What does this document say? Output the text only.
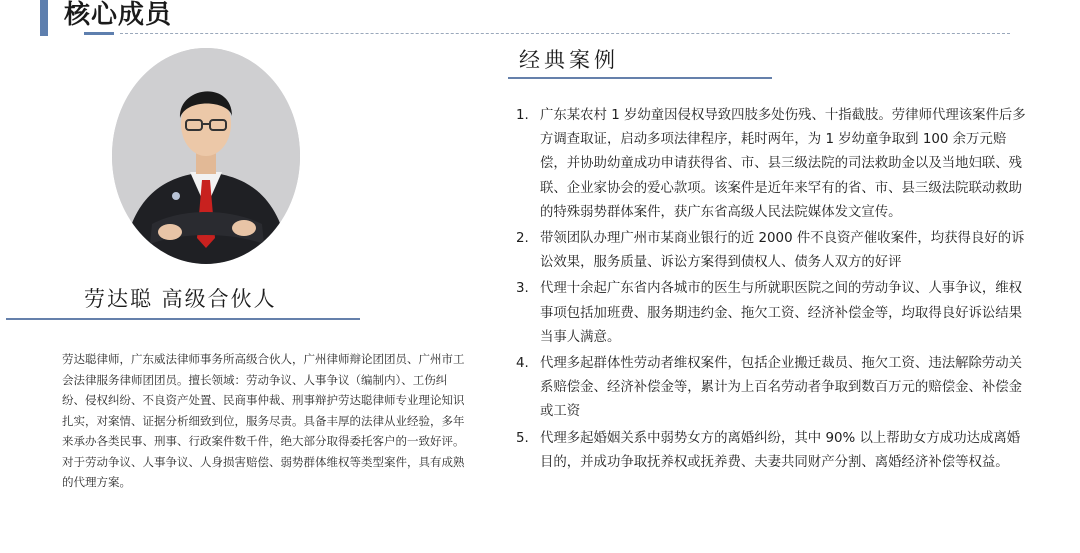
核心成员
劳达聪 高级合伙人

劳达聪律师，广东威法律师事务所高级合伙人，广州律师辩论团团员、广州市工会法律服务律师团团员。擅长领域：劳动争议、人事争议（编制内）、工伤纠纷、侵权纠纷、不良资产处置、民商事仲裁、刑事辩护劳达聪律师专业理论知识扎实，对案情、证据分析细致到位，服务尽责。具备丰厚的法律从业经验，多年来承办各类民事、刑事、行政案件数千件，绝大部分取得委托客户的一致好评。对于劳动争议、人事争议、人身损害赔偿、弱势群体维权等类型案件，具有成熟的代理方案。

经典案例
1. 广东某农村 1 岁幼童因侵权导致四肢多处伤残、十指截肢。劳律师代理该案件后多方调查取证，启动多项法律程序，耗时两年，为 1 岁幼童争取到 100 余万元赔偿，并协助幼童成功申请获得省、市、县三级法院的司法救助金以及当地妇联、残联、企业家协会的爱心款项。该案件是近年来罕有的省、市、县三级法院联动救助的特殊弱势群体案件，获广东省高级人民法院媒体发文宣传。
2. 带领团队办理广州市某商业银行的近 2000 件不良资产催收案件，均获得良好的诉讼效果，服务质量、诉讼方案得到债权人、债务人双方的好评
3. 代理十余起广东省内各城市的医生与所就职医院之间的劳动争议、人事争议，维权事项包括加班费、服务期违约金、拖欠工资、经济补偿金等，均取得良好诉讼结果当事人满意。
4. 代理多起群体性劳动者维权案件，包括企业搬迁裁员、拖欠工资、违法解除劳动关系赔偿金、经济补偿金等，累计为上百名劳动者争取到数百万元的赔偿金、补偿金或工资
5. 代理多起婚姻关系中弱势女方的离婚纠纷，其中 90% 以上帮助女方成功达成离婚目的，并成功争取抚养权或抚养费、夫妻共同财产分割、离婚经济补偿等权益。
